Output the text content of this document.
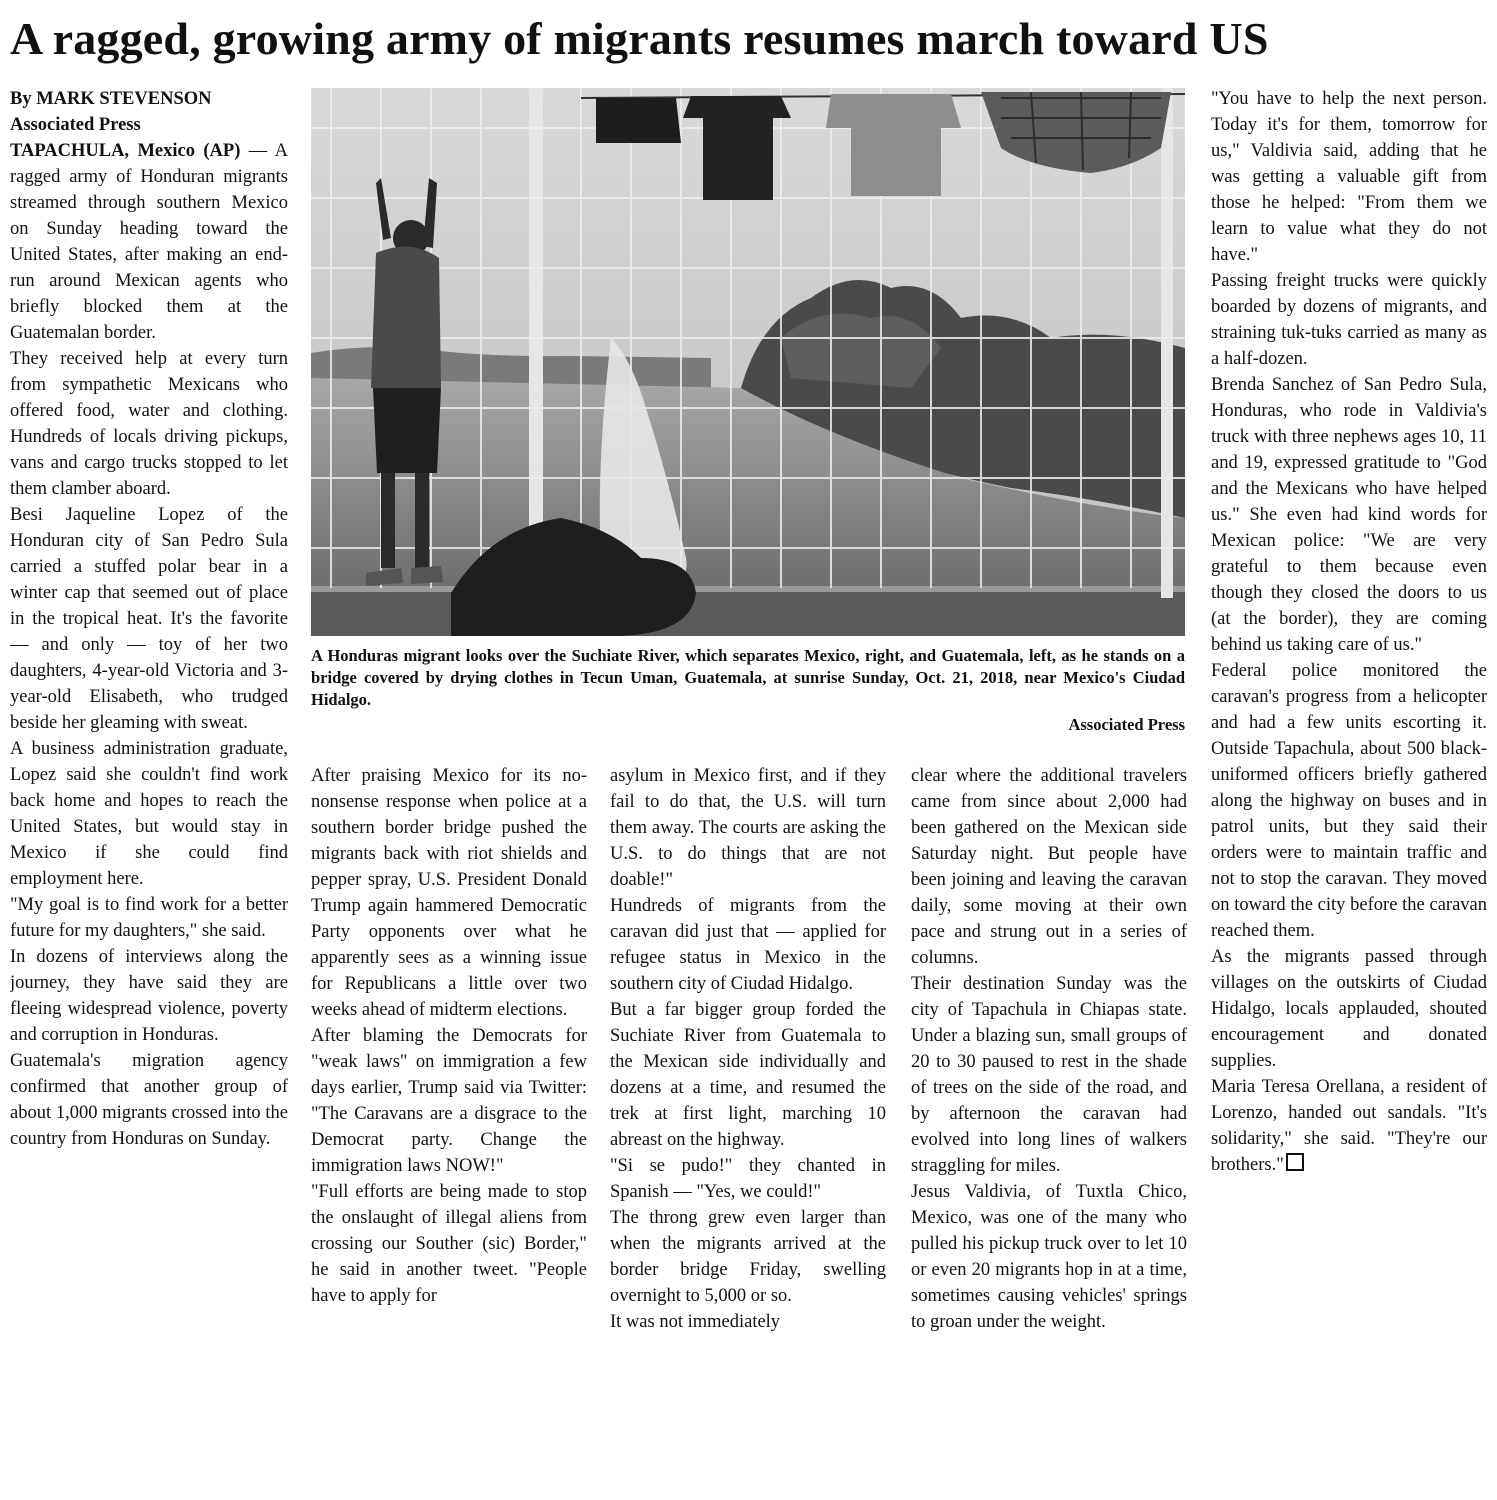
A ragged, growing army of migrants resumes march toward US

By MARK STEVENSON

Associated Press

TAPACHULA, Mexico (AP) — A ragged army of Honduran migrants streamed through southern Mexico on Sunday heading toward the United States, after making an end-run around Mexican agents who briefly blocked them at the Guatemalan border.

They received help at every turn from sympathetic Mexicans who offered food, water and clothing. Hundreds of locals driving pickups, vans and cargo trucks stopped to let them clamber aboard.

Besi Jaqueline Lopez of the Honduran city of San Pedro Sula carried a stuffed polar bear in a winter cap that seemed out of place in the tropical heat. It's the favorite — and only — toy of her two daughters, 4-year-old Victoria and 3-year-old Elisabeth, who trudged beside her gleaming with sweat.

A business administration graduate, Lopez said she couldn't find work back home and hopes to reach the United States, but would stay in Mexico if she could find employment here.

"My goal is to find work for a better future for my daughters," she said.

In dozens of interviews along the journey, they have said they are fleeing widespread violence, poverty and corruption in Honduras.

Guatemala's migration agency confirmed that another group of about 1,000 migrants crossed into the country from Honduras on Sunday.

A Honduras migrant looks over the Suchiate River, which separates Mexico, right, and Guatemala, left, as he stands on a bridge covered by drying clothes in Tecun Uman, Guatemala, at sunrise Sunday, Oct. 21, 2018, near Mexico's Ciudad Hidalgo.

Associated Press

After praising Mexico for its no-nonsense response when police at a southern border bridge pushed the migrants back with riot shields and pepper spray, U.S. President Donald Trump again hammered Democratic Party opponents over what he apparently sees as a winning issue for Republicans a little over two weeks ahead of midterm elections.

After blaming the Democrats for "weak laws" on immigration a few days earlier, Trump said via Twitter: "The Caravans are a disgrace to the Democrat party. Change the immigration laws NOW!"

"Full efforts are being made to stop the onslaught of illegal aliens from crossing our Souther (sic) Border," he said in another tweet. "People have to apply for

asylum in Mexico first, and if they fail to do that, the U.S. will turn them away. The courts are asking the U.S. to do things that are not doable!"

Hundreds of migrants from the caravan did just that — applied for refugee status in Mexico in the southern city of Ciudad Hidalgo.

But a far bigger group forded the Suchiate River from Guatemala to the Mexican side individually and dozens at a time, and resumed the trek at first light, marching 10 abreast on the highway.

"Si se pudo!" they chanted in Spanish — "Yes, we could!"

The throng grew even larger than when the migrants arrived at the border bridge Friday, swelling overnight to 5,000 or so.

It was not immediately

clear where the additional travelers came from since about 2,000 had been gathered on the Mexican side Saturday night. But people have been joining and leaving the caravan daily, some moving at their own pace and strung out in a series of columns.

Their destination Sunday was the city of Tapachula in Chiapas state. Under a blazing sun, small groups of 20 to 30 paused to rest in the shade of trees on the side of the road, and by afternoon the caravan had evolved into long lines of walkers straggling for miles.

Jesus Valdivia, of Tuxtla Chico, Mexico, was one of the many who pulled his pickup truck over to let 10 or even 20 migrants hop in at a time, sometimes causing vehicles' springs to groan under the weight.

"You have to help the next person. Today it's for them, tomorrow for us," Valdivia said, adding that he was getting a valuable gift from those he helped: "From them we learn to value what they do not have."

Passing freight trucks were quickly boarded by dozens of migrants, and straining tuk-tuks carried as many as a half-dozen.

Brenda Sanchez of San Pedro Sula, Honduras, who rode in Valdivia's truck with three nephews ages 10, 11 and 19, expressed gratitude to "God and the Mexicans who have helped us." She even had kind words for Mexican police: "We are very grateful to them because even though they closed the doors to us (at the border), they are coming behind us taking care of us."

Federal police monitored the caravan's progress from a helicopter and had a few units escorting it. Outside Tapachula, about 500 black-uniformed officers briefly gathered along the highway on buses and in patrol units, but they said their orders were to maintain traffic and not to stop the caravan. They moved on toward the city before the caravan reached them.

As the migrants passed through villages on the outskirts of Ciudad Hidalgo, locals applauded, shouted encouragement and donated supplies.

Maria Teresa Orellana, a resident of Lorenzo, handed out sandals. "It's solidarity," she said. "They're our brothers."
